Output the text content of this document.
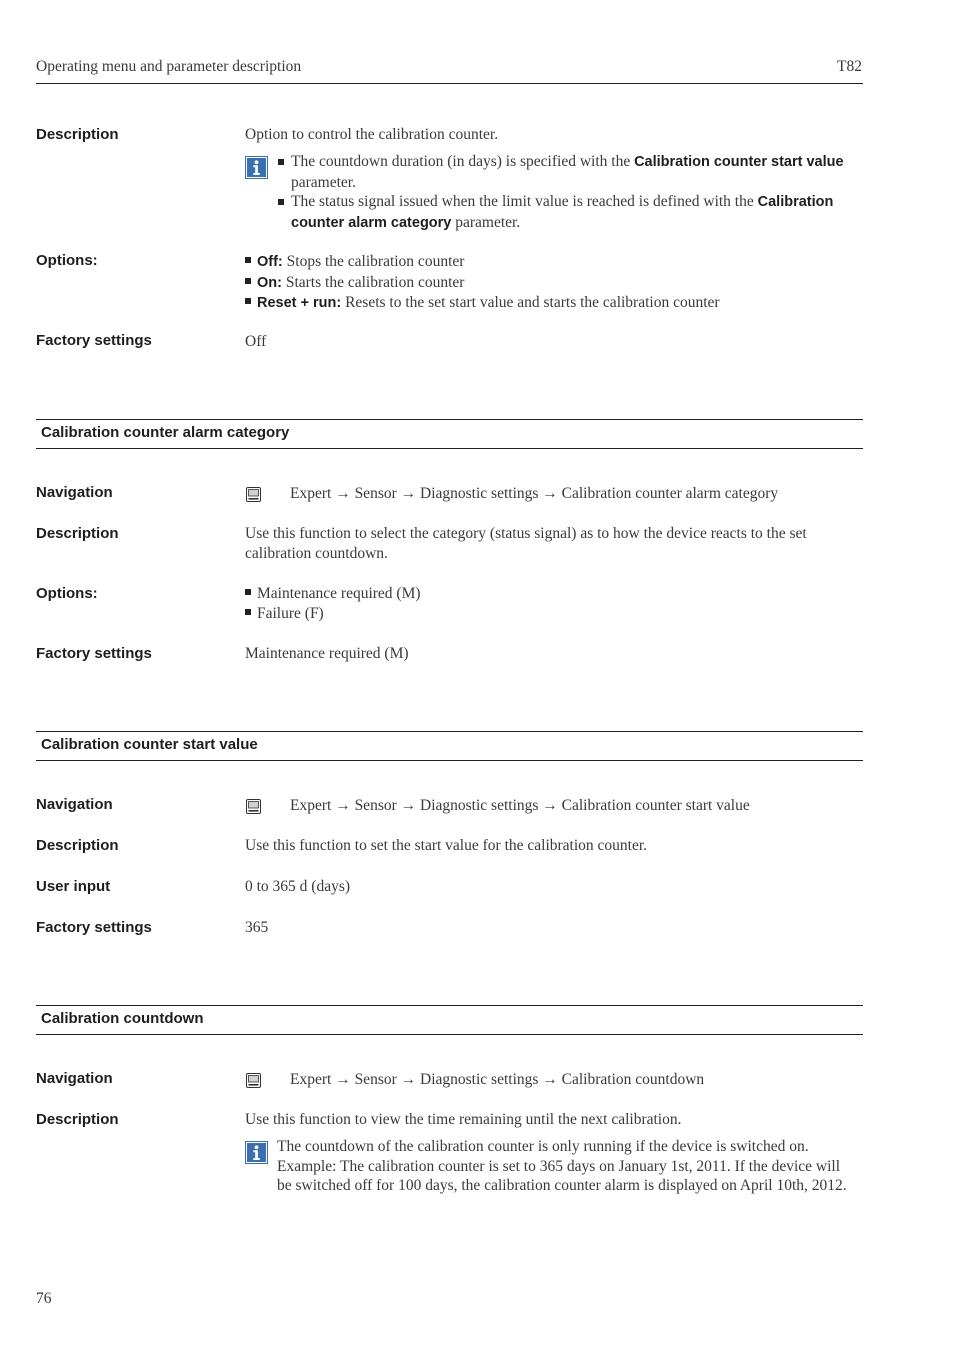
Operating menu and parameter description	T82
Description	Option to control the calibration counter.
The countdown duration (in days) is specified with the Calibration counter start value parameter.
The status signal issued when the limit value is reached is defined with the Calibration counter alarm category parameter.
Options:	Off: Stops the calibration counter
On: Starts the calibration counter
Reset + run: Resets to the set start value and starts the calibration counter
Factory settings	Off
Calibration counter alarm category
Navigation	Expert → Sensor → Diagnostic settings → Calibration counter alarm category
Description	Use this function to select the category (status signal) as to how the device reacts to the set
calibration countdown.
Options:	Maintenance required (M)
Failure (F)
Factory settings	Maintenance required (M)
Calibration counter start value
Navigation	Expert → Sensor → Diagnostic settings → Calibration counter start value
Description	Use this function to set the start value for the calibration counter.
User input	0 to 365 d (days)
Factory settings	365
Calibration countdown
Navigation	Expert → Sensor → Diagnostic settings → Calibration countdown
Description	Use this function to view the time remaining until the next calibration.
The countdown of the calibration counter is only running if the device is switched on.
Example: The calibration counter is set to 365 days on January 1st, 2011. If the device will
be switched off for 100 days, the calibration counter alarm is displayed on April 10th, 2012.
76
